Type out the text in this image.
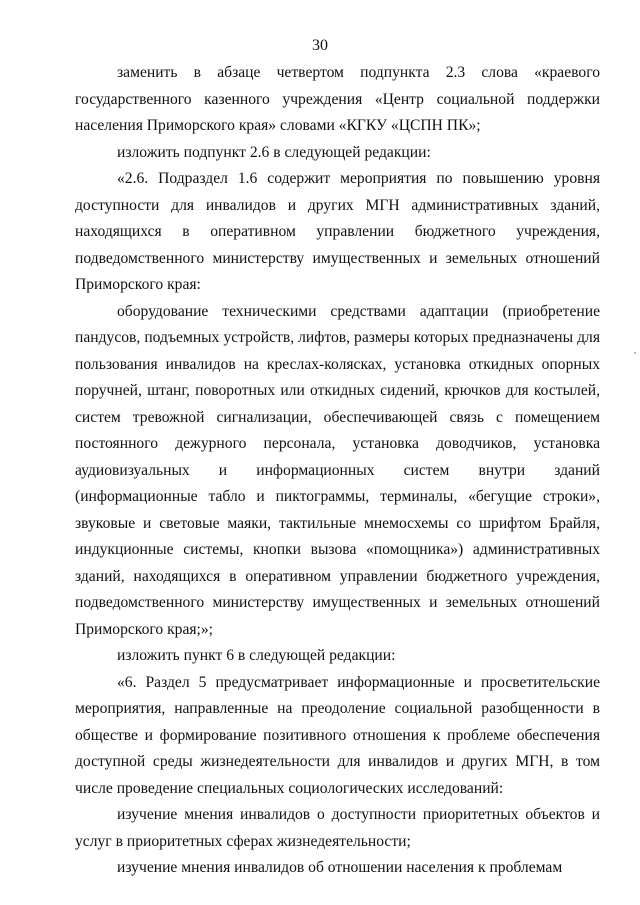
30

заменить в абзаце четвертом подпункта 2.3 слова «краевого государственного казенного учреждения «Центр социальной поддержки населения Приморского края» словами «КГКУ «ЦСПН ПК»;

изложить подпункт 2.6 в следующей редакции:

«2.6. Подраздел 1.6 содержит мероприятия по повышению уровня доступности для инвалидов и других МГН административных зданий, находящихся в оперативном управлении бюджетного учреждения, подведомственного министерству имущественных и земельных отношений Приморского края:

оборудование техническими средствами адаптации (приобретение пандусов, подъемных устройств, лифтов, размеры которых предназначены для пользования инвалидов на креслах-колясках, установка откидных опорных поручней, штанг, поворотных или откидных сидений, крючков для костылей, систем тревожной сигнализации, обеспечивающей связь с помещением постоянного дежурного персонала, установка доводчиков, установка аудиовизуальных и информационных систем внутри зданий (информационные табло и пиктограммы, терминалы, «бегущие строки», звуковые и световые маяки, тактильные мнемосхемы со шрифтом Брайля, индукционные системы, кнопки вызова «помощника») административных зданий, находящихся в оперативном управлении бюджетного учреждения, подведомственного министерству имущественных и земельных отношений Приморского края;»;

изложить пункт 6 в следующей редакции:

«6. Раздел 5 предусматривает информационные и просветительские мероприятия, направленные на преодоление социальной разобщенности в обществе и формирование позитивного отношения к проблеме обеспечения доступной среды жизнедеятельности для инвалидов и других МГН, в том числе проведение специальных социологических исследований:

изучение мнения инвалидов о доступности приоритетных объектов и услуг в приоритетных сферах жизнедеятельности;

изучение мнения инвалидов об отношении населения к проблемам
